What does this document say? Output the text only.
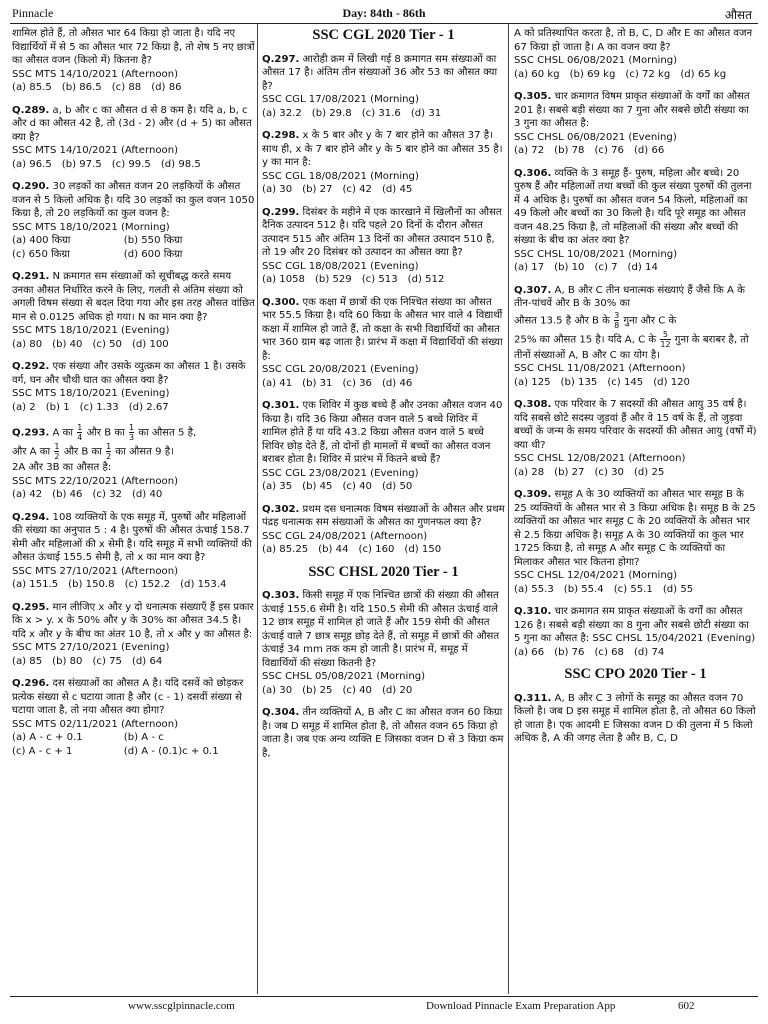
Pinnacle	Day: 84th - 86th	औसत
शामिल होते हैं, तो औसत भार 64 किग्रा हो जाता है। यदि नए विद्यार्थियों में से 5 का औसत भार 72 किग्रा है, तो शेष 5 नए छात्रों का औसत वजन (किलो में) कितना है?
SSC MTS 14/10/2021 (Afternoon)
(a) 85.5 (b) 86.5 (c) 88 (d) 86
Q.289. a, b और c का औसत d से 8 कम है। यदि a, b, c और d का औसत 42 है, तो (3d - 2) और (d + 5) का औसत क्या है?
SSC MTS 14/10/2021 (Afternoon)
(a) 96.5 (b) 97.5 (c) 99.5 (d) 98.5
Q.290. 30 लड़कों का औसत वजन 20 लड़कियों के औसत वजन से 5 किलो अधिक है। यदि 30 लड़कों का कुल वजन 1050 किग्रा है, तो 20 लड़कियों का कुल वजन है:
SSC MTS 18/10/2021 (Morning)
(a) 400 किग्रा	(b) 550 किग्रा
(c) 650 किग्रा	(d) 600 किग्रा
Q.291. N क्रमागत सम संख्याओं को सूचीबद्ध करते समय उनका औसत निर्धारित करने के लिए, गलती से अंतिम संख्या को अगली विषम संख्या से बदल दिया गया और इस तरह औसत वांछित मान से 0.0125 अधिक हो गया। N का मान क्या है?
SSC MTS 18/10/2021 (Evening)
(a) 80 (b) 40 (c) 50 (d) 100
Q.292. एक संख्या और उसके व्युत्क्रम का औसत 1 है। उसके वर्ग, घन और चौथी घात का औसत क्या है?
SSC MTS 18/10/2021 (Evening)
(a) 2 (b) 1 (c) 1.33 (d) 2.67
Q.293. A का $\frac{1}{4}$ और B का $\frac{1}{3}$ का औसत 5 है,
और A का $\frac{1}{2}$ और B का $\frac{1}{2}$ का औसत 9 है।
2A और 3B का औसत है:
SSC MTS 22/10/2021 (Afternoon)
(a) 42 (b) 46 (c) 32 (d) 40
Q.294. 108 व्यक्तियों के एक समूह में, पुरुषों और महिलाओं की संख्या का अनुपात 5 : 4 है। पुरुषों की औसत ऊंचाई 158.7 सेमी और महिलाओं की x सेमी है। यदि समूह में सभी व्यक्तियों की औसत ऊंचाई 155.5 सेमी है, तो x का मान क्या है?
SSC MTS 27/10/2021 (Afternoon)
(a) 151.5 (b) 150.8 (c) 152.2 (d) 153.4
Q.295. मान लीजिए x और y दो धनात्मक संख्याएँ हैं इस प्रकार कि x > y. x के 50% और y के 30% का औसत 34.5 है। यदि x और y के बीच का अंतर 10 है, तो x और y का औसत है:
SSC MTS 27/10/2021 (Evening)
(a) 85 (b) 80 (c) 75 (d) 64
Q.296. दस संख्याओं का औसत A है। यदि दसवें को छोड़कर प्रत्येक संख्या से c घटाया जाता है और (c - 1) दसवीं संख्या से घटाया जाता है, तो नया औसत क्या होगा?
SSC MTS 02/11/2021 (Afternoon)
(a) A - c + 0.1	(b) A - c
(c) A - c + 1	(d) A - (0.1)c + 0.1
SSC CGL 2020 Tier - 1
Q.297. आरोही क्रम में लिखी गई 8 क्रमागत सम संख्याओं का औसत 17 है। अंतिम तीन संख्याओं 36 और 53 का औसत क्या है?
SSC CGL 17/08/2021 (Morning)
(a) 32.2 (b) 29.8 (c) 31.6 (d) 31
Q.298. x के 5 बार और y के 7 बार होने का औसत 37 है। साथ ही, x के 7 बार होने और y के 5 बार होने का औसत 35 है। y का मान है:
SSC CGL 18/08/2021 (Morning)
(a) 30 (b) 27 (c) 42 (d) 45
Q.299. दिसंबर के महीने में एक कारखाने में खिलौनों का औसत दैनिक उत्पादन 512 है। यदि पहले 20 दिनों के दौरान औसत उत्पादन 515 और अंतिम 13 दिनों का औसत उत्पादन 510 है, तो 19 और 20 दिसंबर को उत्पादन का औसत क्या है?
SSC CGL 18/08/2021 (Evening)
(a) 1058 (b) 529 (c) 513 (d) 512
Q.300. एक कक्षा में छात्रों की एक निश्चित संख्या का औसत भार 55.5 किग्रा है। यदि 60 किग्रा के औसत भार वाले 4 विद्यार्थी कक्षा में शामिल हो जाते हैं, तो कक्षा के सभी विद्यार्थियों का औसत भार 360 ग्राम बढ़ जाता है। प्रारंभ में कक्षा में विद्यार्थियों की संख्या है:
SSC CGL 20/08/2021 (Evening)
(a) 41 (b) 31 (c) 36 (d) 46
Q.301. एक शिविर में कुछ बच्चे हैं और उनका औसत वजन 40 किग्रा है। यदि 36 किग्रा औसत वजन वाले 5 बच्चे शिविर में शामिल होते हैं या यदि 43.2 किग्रा औसत वजन वाले 5 बच्चे शिविर छोड़ देते हैं, तो दोनों ही मामलों में बच्चों का औसत वजन बराबर होता है। शिविर में प्रारंभ में कितने बच्चे हैं?
SSC CGL 23/08/2021 (Evening)
(a) 35 (b) 45 (c) 40 (d) 50
Q.302. प्रथम दस धनात्मक विषम संख्याओं के औसत और प्रथम पंद्रह धनात्मक सम संख्याओं के औसत का गुणनफल क्या है?
SSC CGL 24/08/2021 (Afternoon)
(a) 85.25 (b) 44 (c) 160 (d) 150
SSC CHSL 2020 Tier - 1
Q.303. किसी समूह में एक निश्चित छात्रों की संख्या की औसत ऊंचाई 155.6 सेमी है। यदि 150.5 सेमी की औसत ऊंचाई वाले 12 छात्र समूह में शामिल हो जाते हैं और 159 सेमी की औसत ऊंचाई वाले 7 छात्र समूह छोड़ देते हैं, तो समूह में छात्रों की औसत ऊंचाई 34 mm तक कम हो जाती है। प्रारंभ में, समूह में विद्यार्थियों की संख्या कितनी है?
SSC CHSL 05/08/2021 (Morning)
(a) 30 (b) 25 (c) 40 (d) 20
Q.304. तीन व्यक्तियों A, B और C का औसत वजन 60 किग्रा है। जब D समूह में शामिल होता है, तो औसत वजन 65 किग्रा हो जाता है। जब एक अन्य व्यक्ति E जिसका वजन D से 3 किग्रा कम है,
A को प्रतिस्थापित करता है, तो B, C, D और E का औसत वजन 67 किग्रा हो जाता है। A का वजन क्या है?
SSC CHSL 06/08/2021 (Morning)
(a) 60 kg (b) 69 kg (c) 72 kg (d) 65 kg
Q.305. चार क्रमागत विषम प्राकृत संख्याओं के वर्गों का औसत 201 है। सबसे बड़ी संख्या का 7 गुना और सबसे छोटी संख्या का 3 गुना का औसत है:
SSC CHSL 06/08/2021 (Evening)
(a) 72 (b) 78 (c) 76 (d) 66
Q.306. व्यक्ति के 3 समूह हैं- पुरुष, महिला और बच्चे। 20 पुरुष हैं और महिलाओं तथा बच्चों की कुल संख्या पुरुषों की तुलना में 4 अधिक है। पुरुषों का औसत वजन 54 किलो, महिलाओं का 49 किलो और बच्चों का 30 किलो है। यदि पूरे समूह का औसत वजन 48.25 किग्रा है, तो महिलाओं की संख्या और बच्चों की संख्या के बीच का अंतर क्या है?
SSC CHSL 10/08/2021 (Morning)
(a) 17 (b) 10 (c) 7 (d) 14
Q.307. A, B और C तीन धनात्मक संख्याएं हैं जैसे कि A के तीन-पांचवें और B के 30% का
औसत 13.5 है और B के $\frac{3}{8}$ गुना और C के
25% का औसत 15 है। यदि A, C के $\frac{5}{12}$ गुना के बराबर है, तो तीनों संख्याओं A, B और C का योग है।
SSC CHSL 11/08/2021 (Afternoon)
(a) 125 (b) 135 (c) 145 (d) 120
Q.308. एक परिवार के 7 सदस्यों की औसत आयु 35 वर्ष है। यदि सबसे छोटे सदस्य जुड़वां हैं और वे 15 वर्ष के हैं, तो जुड़वा बच्चों के जन्म के समय परिवार के सदस्यों की औसत आयु (वर्षों में) क्या थी?
SSC CHSL 12/08/2021 (Afternoon)
(a) 28 (b) 27 (c) 30 (d) 25
Q.309. समूह A के 30 व्यक्तियों का औसत भार समूह B के 25 व्यक्तियों के औसत भार से 3 किग्रा अधिक है। समूह B के 25 व्यक्तियों का औसत भार समूह C के 20 व्यक्तियों के औसत भार से 2.5 किग्रा अधिक है। समूह A के 30 व्यक्तियों का कुल भार 1725 किग्रा है, तो समूह A और समूह C के व्यक्तियों का मिलाकर औसत भार कितना होगा?
SSC CHSL 12/04/2021 (Morning)
(a) 55.3 (b) 55.4 (c) 55.1 (d) 55
Q.310. चार क्रमागत सम प्राकृत संख्याओं के वर्गों का औसत 126 है। सबसे बड़ी संख्या का 8 गुना और सबसे छोटी संख्या का 5 गुना का औसत है: SSC CHSL 15/04/2021 (Evening)
(a) 66 (b) 76 (c) 68 (d) 74
SSC CPO 2020 Tier - 1
Q.311. A, B और C 3 लोगों के समूह का औसत वजन 70 किलो है। जब D इस समूह में शामिल होता है, तो औसत 60 किलो हो जाता है। एक आदमी E जिसका वजन D की तुलना में 5 किलो अधिक है, A की जगह लेता है और B, C, D
www.sscglpinnacle.com	Download Pinnacle Exam Preparation App	602
